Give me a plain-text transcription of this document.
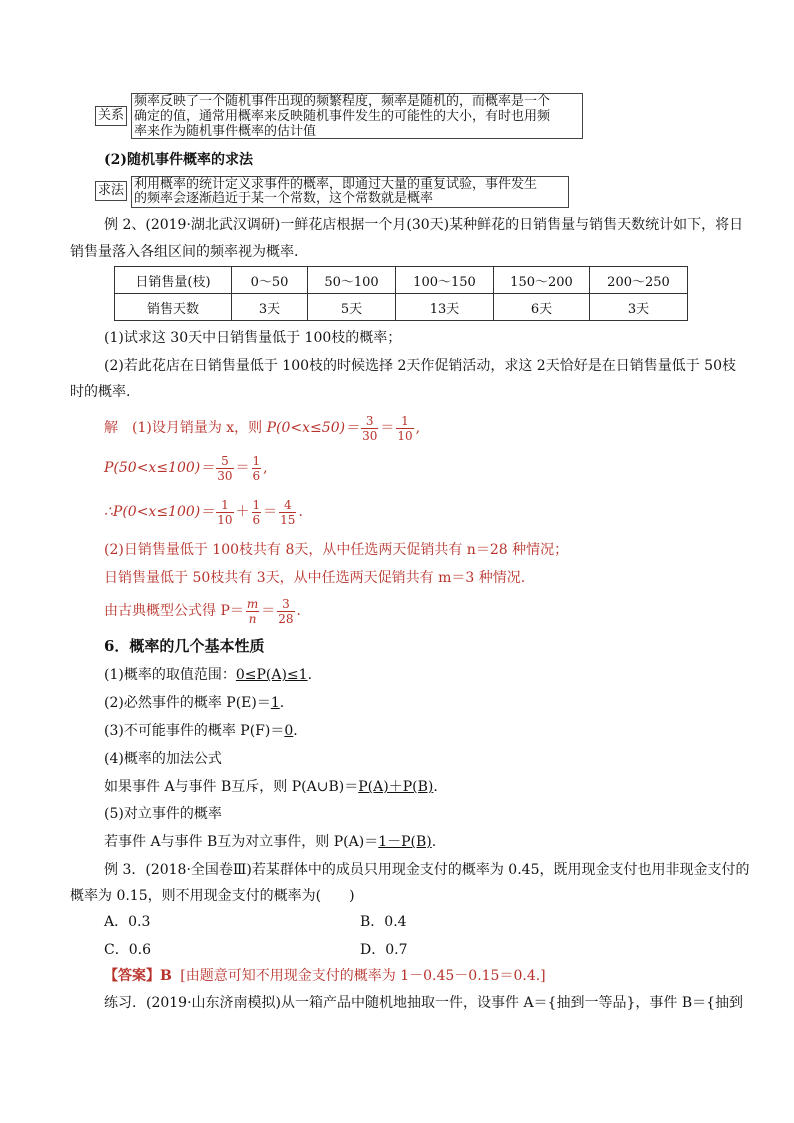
关系
频率反映了一个随机事件出现的频繁程度，频率是随机的，而概率是一个
确定的值，通常用概率来反映随机事件发生的可能性的大小，有时也用频
率来作为随机事件概率的估计值
(2)随机事件概率的求法
求法 利用概率的统计定义求事件的概率，即通过大量的重复试验，事件发生
的频率会逐渐趋近于某一个常数，这个常数就是概率
例 2、(2019·湖北武汉调研)一鲜花店根据一个月(30天)某种鲜花的日销售量与销售天数统计如下，将日
销售量落入各组区间的频率视为概率.
日销售量(枝)	0～50	50～100	100～150	150～200	200～250
销售天数	3天	5天	13天	6天	3天
(1)试求这 30天中日销售量低于 100枝的概率；
(2)若此花店在日销售量低于 100枝的时候选择 2天作促销活动，求这 2天恰好是在日销售量低于 50枝
时的概率.
解　(1)设月销量为 x，则 $P(0<x\le 50)= \frac{3}{30} = \frac{1}{10}$ ,
$P(50<x\le 100)= \frac{5}{30} = \frac{1}{6}$ ,
∴P(0<x≤100)＝ $\frac{1}{10} + \frac{1}{6} = \frac{4}{15}$ .
(2)日销售量低于 100枝共有 8天，从中任选两天促销共有 n＝28 种情况；
日销售量低于 50枝共有 3天，从中任选两天促销共有 m＝3 种情况.
由古典概型公式得 $P= \frac{m}{n} = \frac{3}{28}$ .
6．概率的几个基本性质
(1)概率的取值范围：0≤P(A)≤1.
(2)必然事件的概率 P(E)＝1.
(3)不可能事件的概率 P(F)＝0.
(4)概率的加法公式
如果事件 A与事件 B互斥，则 P(A∪B)＝P(A)＋P(B).
(5)对立事件的概率
若事件 A与事件 B互为对立事件，则 P(A)＝1－P(B).
例 3．(2018·全国卷Ⅲ)若某群体中的成员只用现金支付的概率为 0.45，既用现金支付也用非现金支付的
概率为 0.15，则不用现金支付的概率为(　　)
A．0.3	B．0.4
C．0.6	D．0.7
【答案】B [由题意可知不用现金支付的概率为 1－0.45－0.15＝0.4.]
练习．(2019·山东济南模拟)从一箱产品中随机地抽取一件，设事件 A＝{抽到一等品}，事件 B＝{抽到
